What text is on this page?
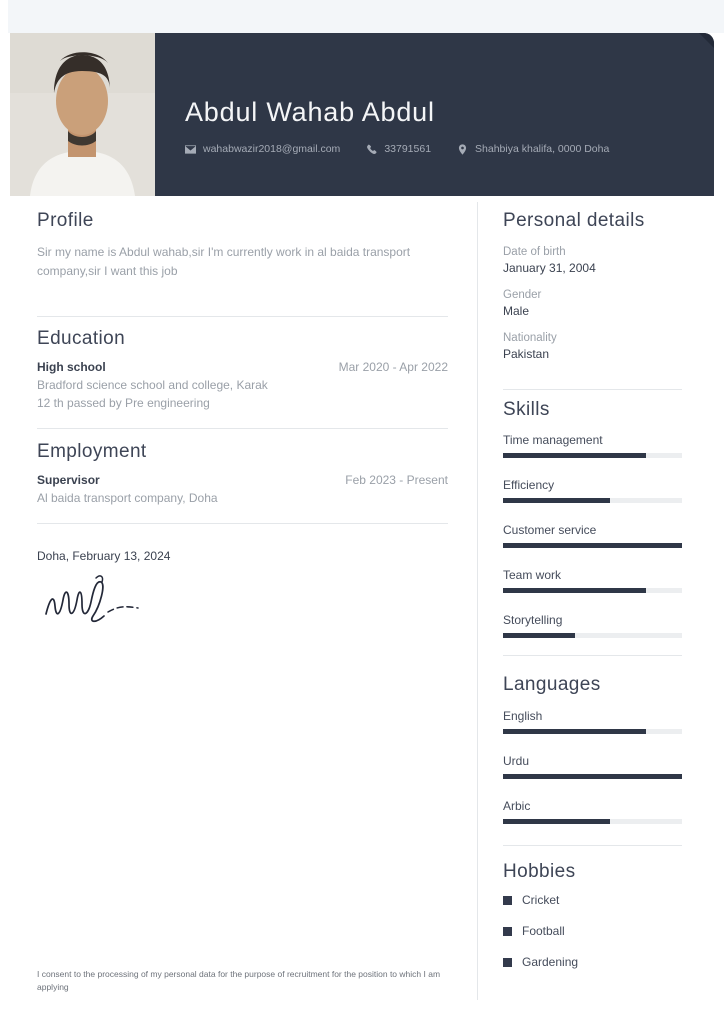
Abdul Wahab Abdul
wahabwazir2018@gmail.com	33791561	Shahbiya khalifa, 0000 Doha
Profile
Sir my name is Abdul wahab,sir I'm currently work in al baida transport company,sir I want this job
Education
High school	Mar 2020 - Apr 2022
Bradford science school and college, Karak
12 th passed by Pre engineering
Employment
Supervisor	Feb 2023 - Present
Al baida transport company, Doha
Doha, February 13, 2024
I consent to the processing of my personal data for the purpose of recruitment for the position to which I am applying
Personal details
Date of birth
January 31, 2004
Gender
Male
Nationality
Pakistan
Skills
Time management
Efficiency
Customer service
Team work
Storytelling
Languages
English
Urdu
Arbic
Hobbies
Cricket
Football
Gardening
